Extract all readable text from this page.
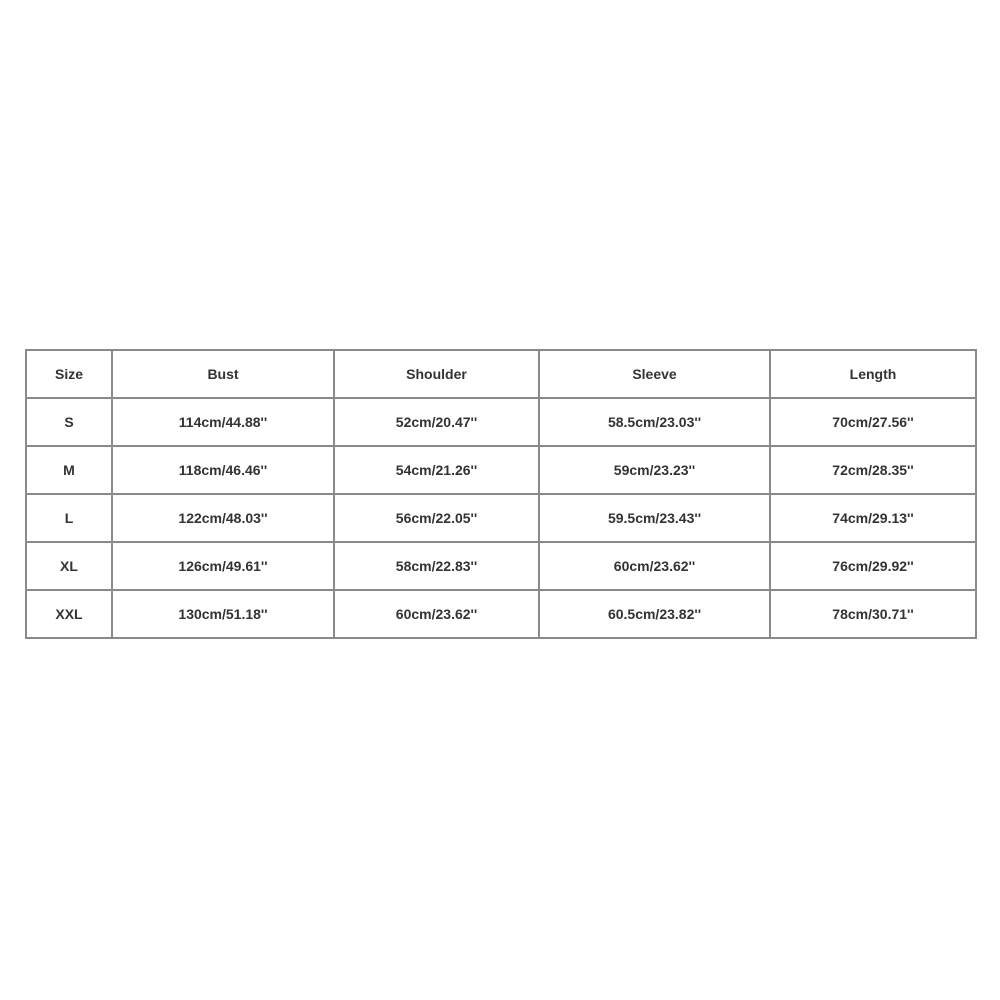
Size	Bust	Shoulder	Sleeve	Length
S	114cm/44.88''	52cm/20.47''	58.5cm/23.03''	70cm/27.56''
M	118cm/46.46''	54cm/21.26''	59cm/23.23''	72cm/28.35''
L	122cm/48.03''	56cm/22.05''	59.5cm/23.43''	74cm/29.13''
XL	126cm/49.61''	58cm/22.83''	60cm/23.62''	76cm/29.92''
XXL	130cm/51.18''	60cm/23.62''	60.5cm/23.82''	78cm/30.71''
